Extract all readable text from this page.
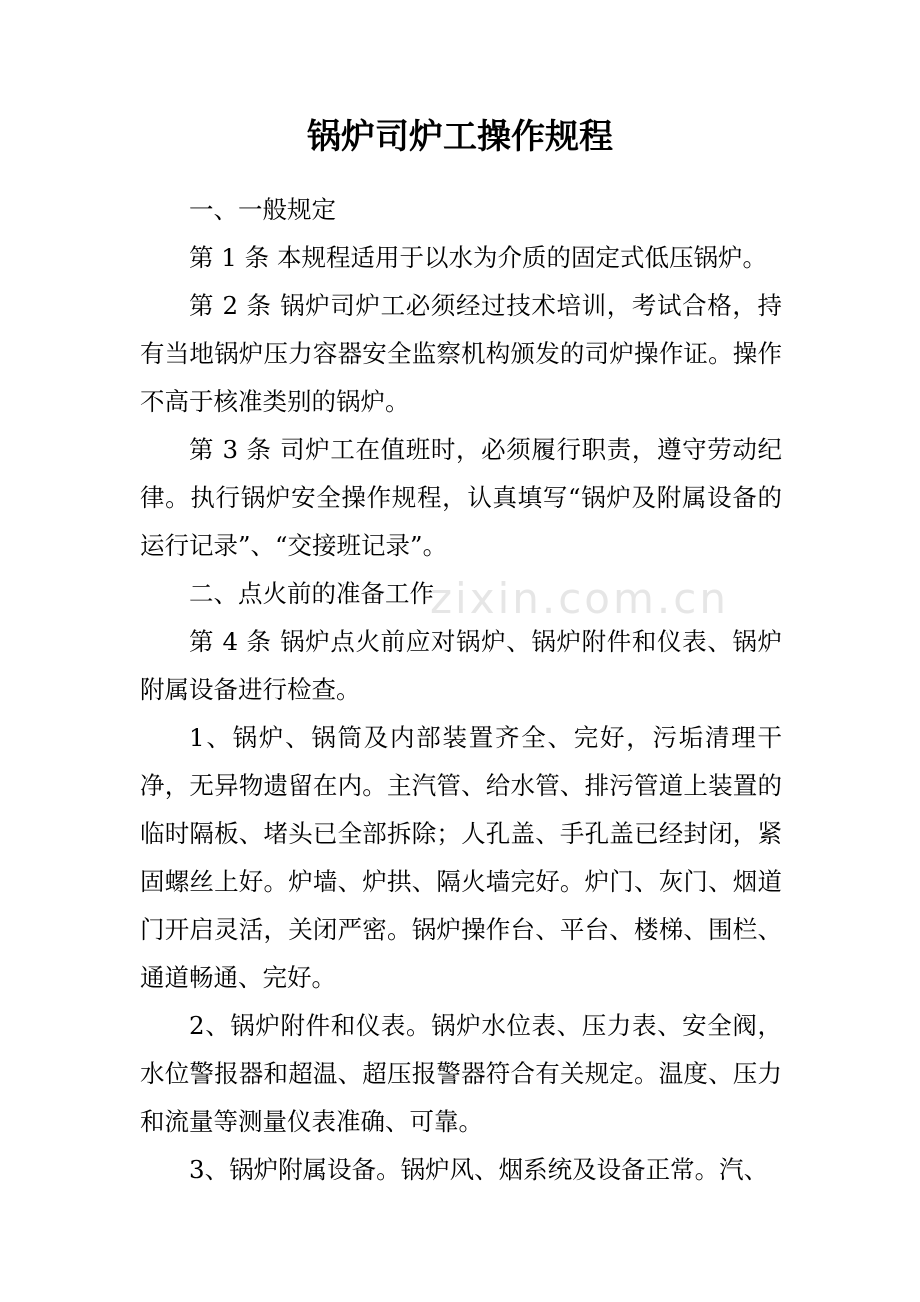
zixin.com.cn
锅炉司炉工操作规程

一、一般规定

第 1 条 本规程适用于以水为介质的固定式低压锅炉。

第 2 条 锅炉司炉工必须经过技术培训，考试合格，持有当地锅炉压力容器安全监察机构颁发的司炉操作证。操作不高于核准类别的锅炉。

第 3 条 司炉工在值班时，必须履行职责，遵守劳动纪律。执行锅炉安全操作规程，认真填写“锅炉及附属设备的运行记录”、“交接班记录”。

二、点火前的准备工作

第 4 条 锅炉点火前应对锅炉、锅炉附件和仪表、锅炉附属设备进行检查。

1、锅炉、锅筒及内部装置齐全、完好，污垢清理干净，无异物遗留在内。主汽管、给水管、排污管道上装置的临时隔板、堵头已全部拆除；人孔盖、手孔盖已经封闭，紧固螺丝上好。炉墙、炉拱、隔火墙完好。炉门、灰门、烟道门开启灵活，关闭严密。锅炉操作台、平台、楼梯、围栏、通道畅通、完好。

2、锅炉附件和仪表。锅炉水位表、压力表、安全阀，水位警报器和超温、超压报警器符合有关规定。温度、压力和流量等测量仪表准确、可靠。

3、锅炉附属设备。锅炉风、烟系统及设备正常。汽、
